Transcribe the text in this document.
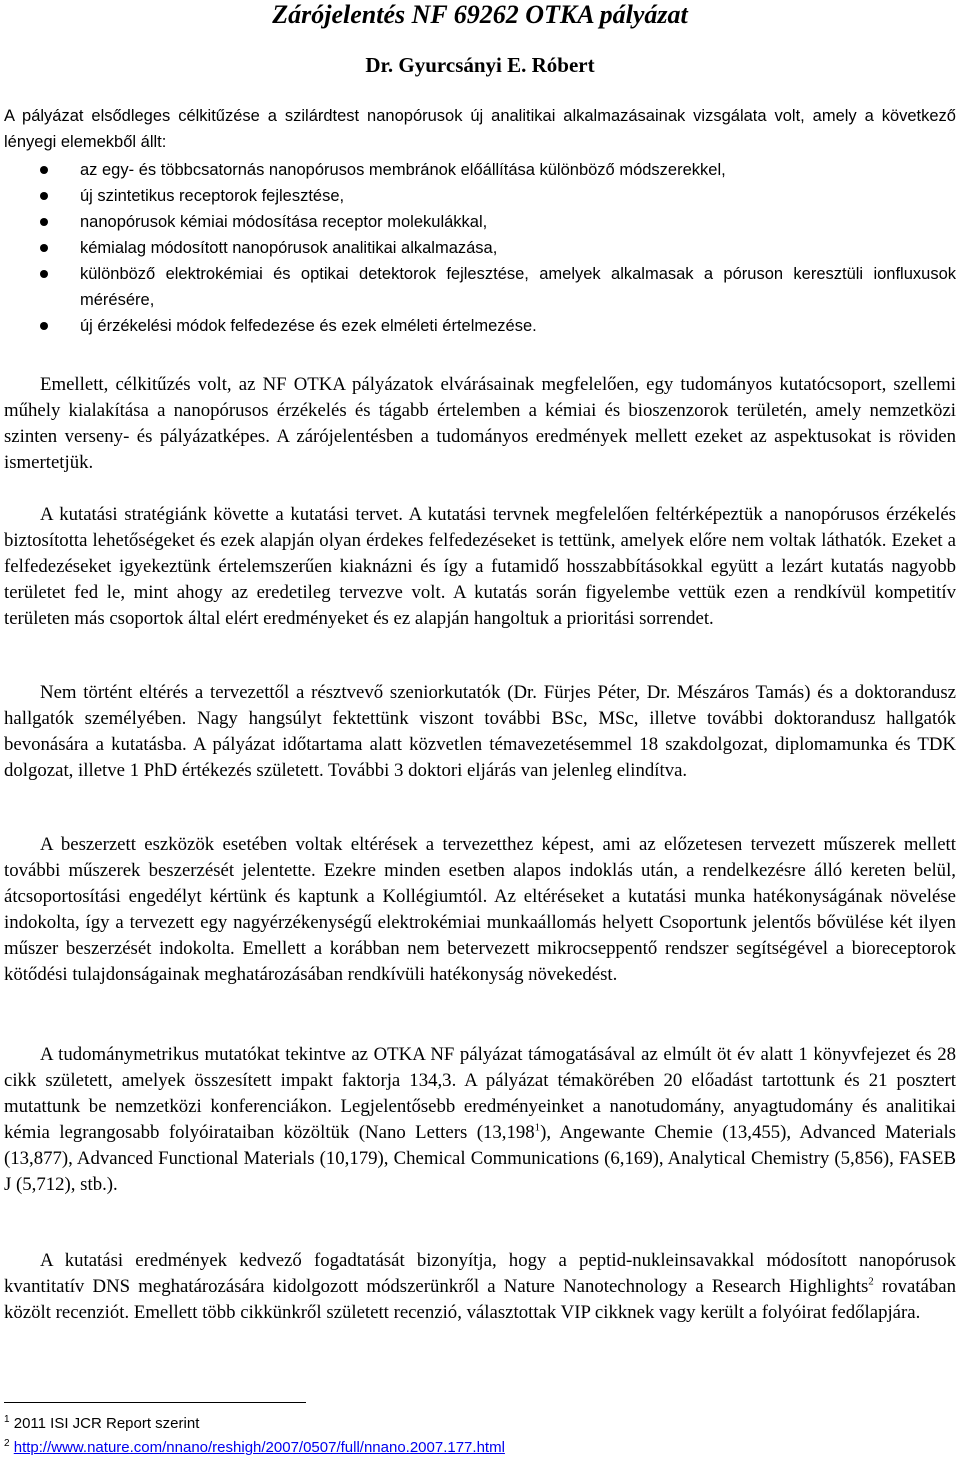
Zárójelentés NF 69262 OTKA pályázat
Dr. Gyurcsányi E. Róbert
A pályázat elsődleges célkitűzése a szilárdtest nanopórusok új analitikai alkalmazásainak vizsgálata volt, amely a következő lényegi elemekből állt:
az egy- és többcsatornás nanopórusos membránok előállítása különböző módszerekkel,
új szintetikus receptorok fejlesztése,
nanopórusok kémiai módosítása receptor molekulákkal,
kémialag módosított nanopórusok analitikai alkalmazása,
különböző elektrokémiai és optikai detektorok fejlesztése, amelyek alkalmasak a póruson keresztüli ionfluxusok mérésére,
új érzékelési módok felfedezése és ezek elméleti értelmezése.
Emellett, célkitűzés volt, az NF OTKA pályázatok elvárásainak megfelelően, egy tudományos kutatócsoport, szellemi műhely kialakítása a nanopórusos érzékelés és tágabb értelemben a kémiai és bioszenzorok területén, amely nemzetközi szinten verseny- és pályázatképes. A zárójelentésben a tudományos eredmények mellett ezeket az aspektusokat is röviden ismertetjük.
A kutatási stratégiánk követte a kutatási tervet. A kutatási tervnek megfelelően feltérképeztük a nanopórusos érzékelés biztosította lehetőségeket és ezek alapján olyan érdekes felfedezéseket is tettünk, amelyek előre nem voltak láthatók. Ezeket a felfedezéseket igyekeztünk értelemszerűen kiaknázni és így a futamidő hosszabbításokkal együtt a lezárt kutatás nagyobb területet fed le, mint ahogy az eredetileg tervezve volt. A kutatás során figyelembe vettük ezen a rendkívül kompetitív területen más csoportok által elért eredményeket és ez alapján hangoltuk a prioritási sorrendet.
Nem történt eltérés a tervezettől a résztvevő szeniorkutatók (Dr. Fürjes Péter, Dr. Mészáros Tamás) és a doktorandusz hallgatók személyében. Nagy hangsúlyt fektettünk viszont további BSc, MSc, illetve további doktorandusz hallgatók bevonására a kutatásba. A pályázat időtartama alatt közvetlen témavezetésemmel 18 szakdolgozat, diplomamunka és TDK dolgozat, illetve 1 PhD értékezés született. További 3 doktori eljárás van jelenleg elindítva.
A beszerzett eszközök esetében voltak eltérések a tervezetthez képest, ami az előzetesen tervezett műszerek mellett további műszerek beszerzését jelentette. Ezekre minden esetben alapos indoklás után, a rendelkezésre álló kereten belül, átcsoportosítási engedélyt kértünk és kaptunk a Kollégiumtól. Az eltéréseket a kutatási munka hatékonyságának növelése indokolta, így a tervezett egy nagyérzékenységű elektrokémiai munkaállomás helyett Csoportunk jelentős bővülése két ilyen műszer beszerzését indokolta. Emellett a korábban nem betervezett mikrocseppentő rendszer segítségével a bioreceptorok kötődési tulajdonságainak meghatározásában rendkívüli hatékonyság növekedést.
A tudománymetrikus mutatókat tekintve az OTKA NF pályázat támogatásával az elmúlt öt év alatt 1 könyvfejezet és 28 cikk született, amelyek összesített impakt faktorja 134,3. A pályázat témakörében 20 előadást tartottunk és 21 posztert mutattunk be nemzetközi konferenciákon. Legjelentősebb eredményeinket a nanotudomány, anyagtudomány és analitikai kémia legrangosabb folyóirataiban közöltük (Nano Letters (13,198$^1$), Angewante Chemie (13,455), Advanced Materials (13,877), Advanced Functional Materials (10,179), Chemical Communications (6,169), Analytical Chemistry (5,856), FASEB J (5,712), stb.).
A kutatási eredmények kedvező fogadtatását bizonyítja, hogy a peptid-nukleinsavakkal módosított nanopórusok kvantitatív DNS meghatározására kidolgozott módszerünkről a Nature Nanotechnology a Research Highlights$^2$ rovatában közölt recenziót. Emellett több cikkünkről született recenzió, választottak VIP cikknek vagy került a folyóirat fedőlapjára.
$^1$ 2011 ISI JCR Report szerint
$^2$ http://www.nature.com/nnano/reshigh/2007/0507/full/nnano.2007.177.html
